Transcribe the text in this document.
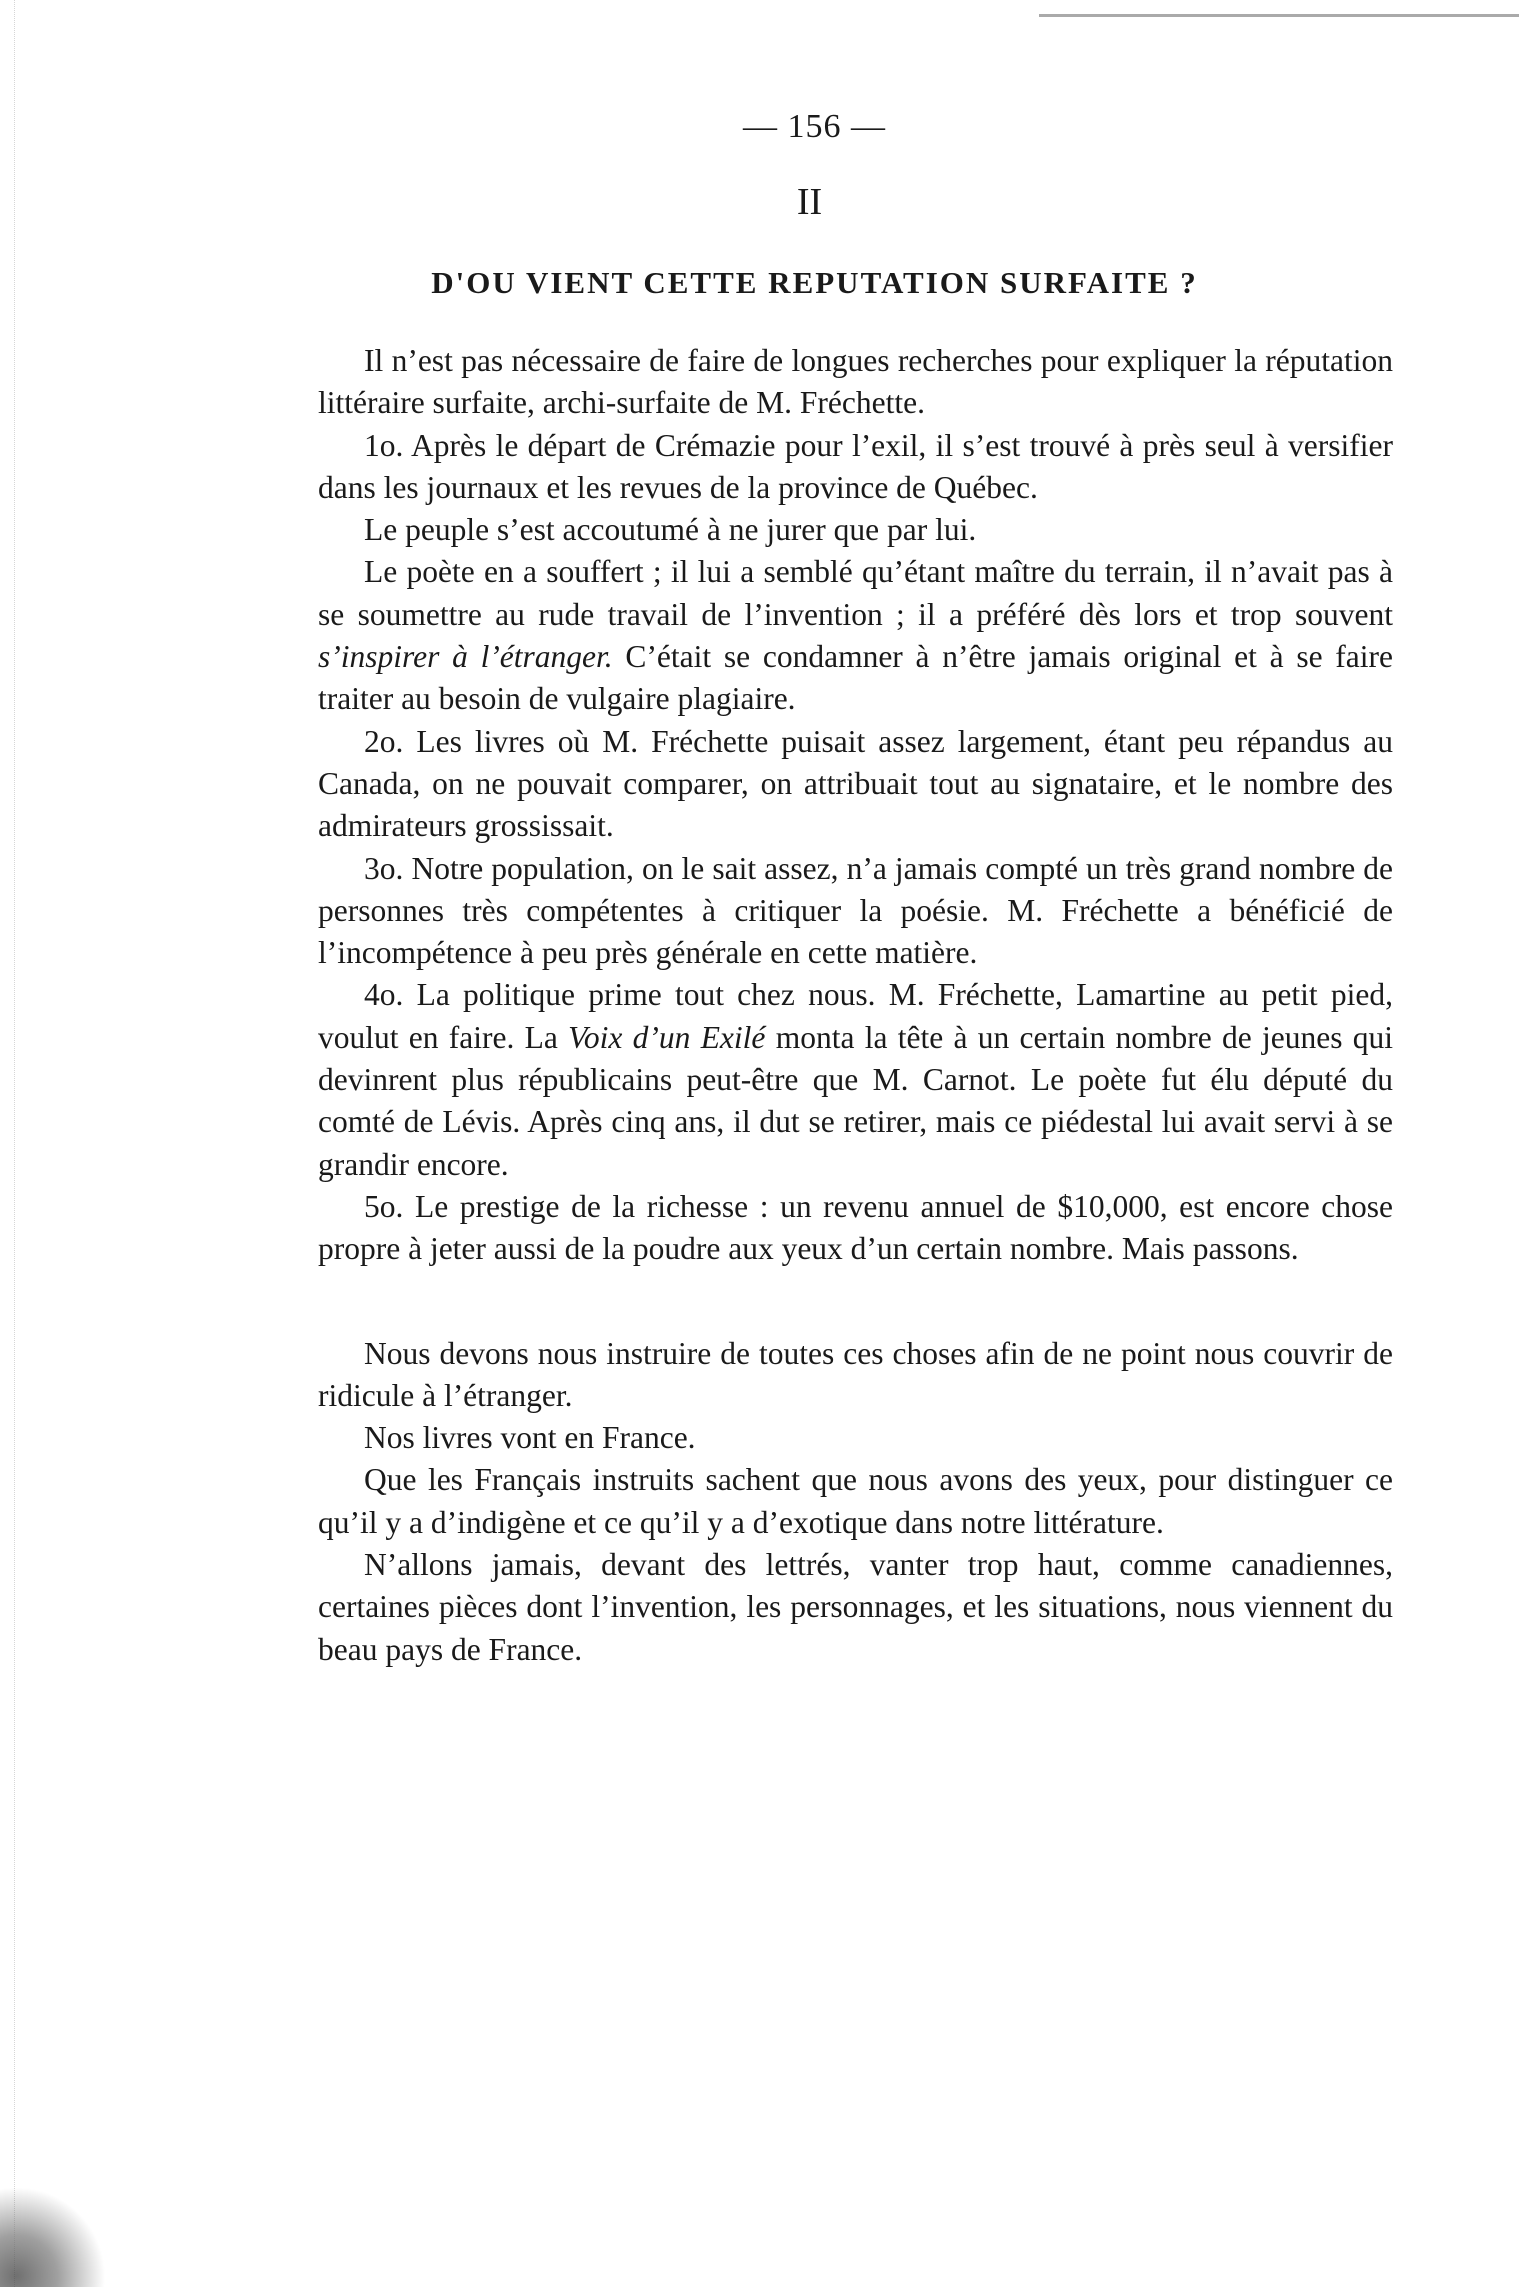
— 156 —
II
D'OU VIENT CETTE REPUTATION SURFAITE ?

Il n’est pas nécessaire de faire de longues recherches pour expliquer la réputation littéraire surfaite, archi-surfaite de M. Fréchette.

1o. Après le départ de Crémazie pour l’exil, il s’est trouvé à près seul à versifier dans les journaux et les revues de la province de Québec.

Le peuple s’est accoutumé à ne jurer que par lui.

Le poète en a souffert ; il lui a semblé qu’étant maître du terrain, il n’avait pas à se soumettre au rude travail de l’invention ; il a préféré dès lors et trop souvent s’inspirer à l’étranger. C’était se condamner à n’être jamais original et à se faire traiter au besoin de vulgaire plagiaire.

2o. Les livres où M. Fréchette puisait assez largement, étant peu répandus au Canada, on ne pouvait comparer, on attribuait tout au signataire, et le nombre des admirateurs grossissait.

3o. Notre population, on le sait assez, n’a jamais compté un très grand nombre de personnes très compétentes à critiquer la poésie. M. Fréchette a bénéficié de l’incompétence à peu près générale en cette matière.

4o. La politique prime tout chez nous. M. Fréchette, Lamartine au petit pied, voulut en faire. La Voix d’un Exilé monta la tête à un certain nombre de jeunes qui devinrent plus républicains peut-être que M. Carnot. Le poète fut élu député du comté de Lévis. Après cinq ans, il dut se retirer, mais ce piédestal lui avait servi à se grandir encore.

5o. Le prestige de la richesse : un revenu annuel de $10,000, est encore chose propre à jeter aussi de la poudre aux yeux d’un certain nombre. Mais passons.

Nous devons nous instruire de toutes ces choses afin de ne point nous couvrir de ridicule à l’étranger.

Nos livres vont en France.

Que les Français instruits sachent que nous avons des yeux, pour distinguer ce qu’il y a d’indigène et ce qu’il y a d’exotique dans notre littérature.

N’allons jamais, devant des lettrés, vanter trop haut, comme canadiennes, certaines pièces dont l’invention, les personnages, et les situations, nous viennent du beau pays de France.
